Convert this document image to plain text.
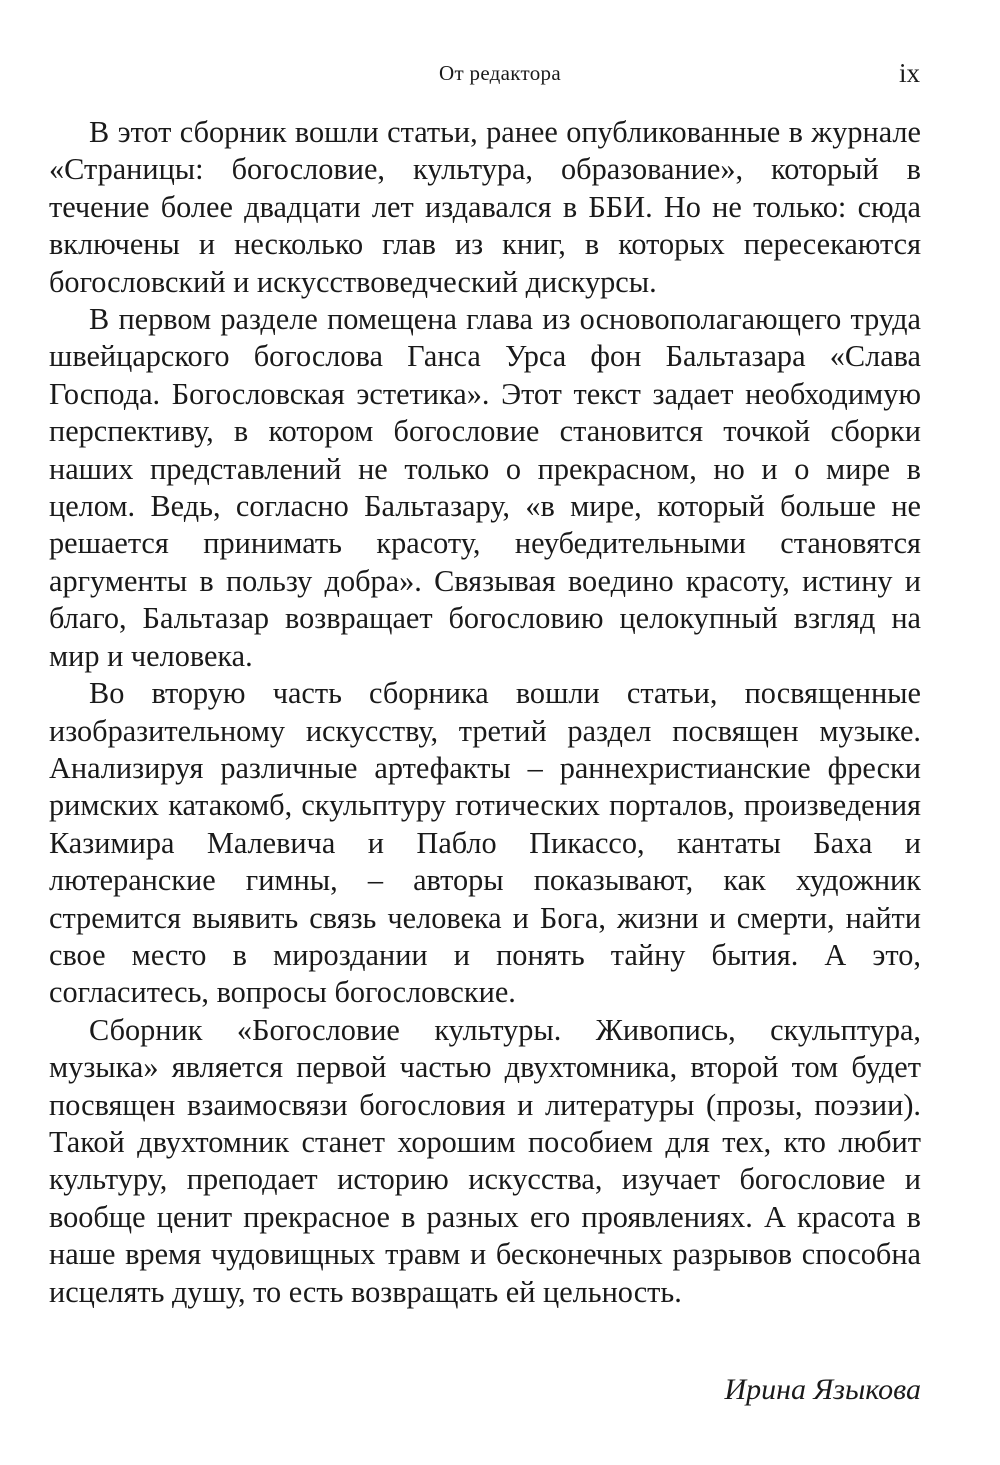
От редактора	ix

В этот сборник вошли статьи, ранее опубликованные в журнале «Страницы: богословие, культура, образование», который в течение более двадцати лет издавался в ББИ. Но не только: сюда включены и несколько глав из книг, в которых пересекаются богословский и искусствоведческий дискурсы.

В первом разделе помещена глава из основополагающего труда швейцарского богослова Ганса Урса фон Бальтазара «Слава Господа. Богословская эстетика». Этот текст задает необходимую перспективу, в котором богословие становится точкой сборки наших представлений не только о прекрасном, но и о мире в целом. Ведь, согласно Бальтазару, «в мире, который больше не решается принимать красоту, неубедительными становятся аргументы в пользу добра». Связывая воедино красоту, истину и благо, Бальтазар возвращает богословию целокупный взгляд на мир и человека.

Во вторую часть сборника вошли статьи, посвященные изобразительному искусству, третий раздел посвящен музыке. Анализируя различные артефакты – раннехристианские фрески римских катакомб, скульптуру готических порталов, произведения Казимира Малевича и Пабло Пикассо, кантаты Баха и лютеранские гимны, – авторы показывают, как художник стремится выявить связь человека и Бога, жизни и смерти, найти свое место в мироздании и понять тайну бытия. А это, согласитесь, вопросы богословские.

Сборник «Богословие культуры. Живопись, скульптура, музыка» является первой частью двухтомника, второй том будет посвящен взаимосвязи богословия и литературы (прозы, поэзии). Такой двухтомник станет хорошим пособием для тех, кто любит культуру, преподает историю искусства, изучает богословие и вообще ценит прекрасное в разных его проявлениях. А красота в наше время чудовищных травм и бесконечных разрывов способна исцелять душу, то есть возвращать ей цельность.

Ирина Языкова
